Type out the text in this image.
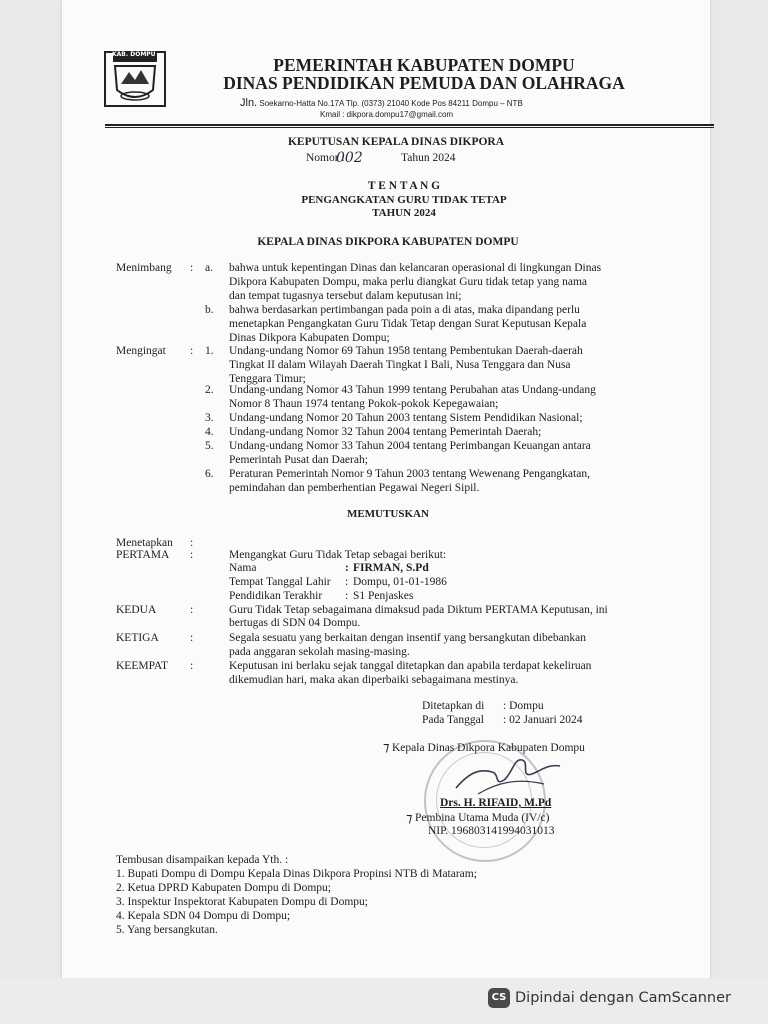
KAB. DOMPU
PEMERINTAH KABUPATEN DOMPU
DINAS PENDIDIKAN PEMUDA DAN OLAHRAGA
Jln. Soekarno-Hatta No.17A Tlp. (0373) 21040 Kode Pos 84211 Dompu – NTB
Kmail : dikpora.dompu17@gmail.com
KEPUTUSAN KEPALA DINAS DIKPORA
Nomor :
002	Tahun 2024
T E N T A N G
PENGANGKATAN GURU TIDAK TETAP
TAHUN 2024
KEPALA DINAS DIKPORA KABUPATEN DOMPU
Menimbang : a. bahwa untuk kepentingan Dinas dan kelancaran operasional di lingkungan Dinas
Dikpora Kabupaten Dompu, maka perlu diangkat Guru tidak tetap yang nama
dan tempat tugasnya tersebut dalam keputusan ini;
b. bahwa berdasarkan pertimbangan pada poin a di atas, maka dipandang perlu
menetapkan Pengangkatan Guru Tidak Tetap dengan Surat Keputusan Kepala
Dinas Dikpora Kabupaten Dompu;
Mengingat : 1. Undang-undang Nomor 69 Tahun 1958 tentang Pembentukan Daerah-daerah
Tingkat II dalam Wilayah Daerah Tingkat I Bali, Nusa Tenggara dan Nusa
Tenggara Timur;
2. Undang-undang Nomor 43 Tahun 1999 tentang Perubahan atas Undang-undang
Nomor 8 Thaun 1974 tentang Pokok-pokok Kepegawaian;
3. Undang-undang Nomor 20 Tahun 2003 tentang Sistem Pendidikan Nasional;
4. Undang-undang Nomor 32 Tahun 2004 tentang Pemerintah Daerah;
5. Undang-undang Nomor 33 Tahun 2004 tentang Perimbangan Keuangan antara
Pemerintah Pusat dan Daerah;
6. Peraturan Pemerintah Nomor 9 Tahun 2003 tentang Wewenang Pengangkatan,
pemindahan dan pemberhentian Pegawai Negeri Sipil.
MEMUTUSKAN
Menetapkan :
PERTAMA :	Mengangkat Guru Tidak Tetap sebagai berikut:
Nama	: FIRMAN, S.Pd
Tempat Tanggal Lahir : Dompu, 01-01-1986
Pendidikan Terakhir : S1 Penjaskes
KEDUA	:	Guru Tidak Tetap sebagaimana dimaksud pada Diktum PERTAMA Keputusan, ini
bertugas di SDN 04 Dompu.
KETIGA	:	Segala sesuatu yang berkaitan dengan insentif yang bersangkutan dibebankan
pada anggaran sekolah masing-masing.
KEEMPAT :	Keputusan ini berlaku sejak tanggal ditetapkan dan apabila terdapat kekeliruan
dikemudian hari, maka akan diperbaiki sebagaimana mestinya.
Ditetapkan di : Dompu
Pada Tanggal : 02 Januari 2024
⁊ Kepala Dinas Dikpora Kabupaten Dompu
Drs. H. RIFAID, M.Pd
⁊ Pembina Utama Muda (IV/c)
NIP. 196803141994031013
Tembusan disampaikan kepada Yth. :
1. Bupati Dompu di Dompu Kepala Dinas Dikpora Propinsi NTB di Mataram;
2. Ketua DPRD Kabupaten Dompu di Dompu;
3. Inspektur Inspektorat Kabupaten Dompu di Dompu;
4. Kepala SDN 04 Dompu di Dompu;
5. Yang bersangkutan.
CS Dipindai dengan CamScanner
